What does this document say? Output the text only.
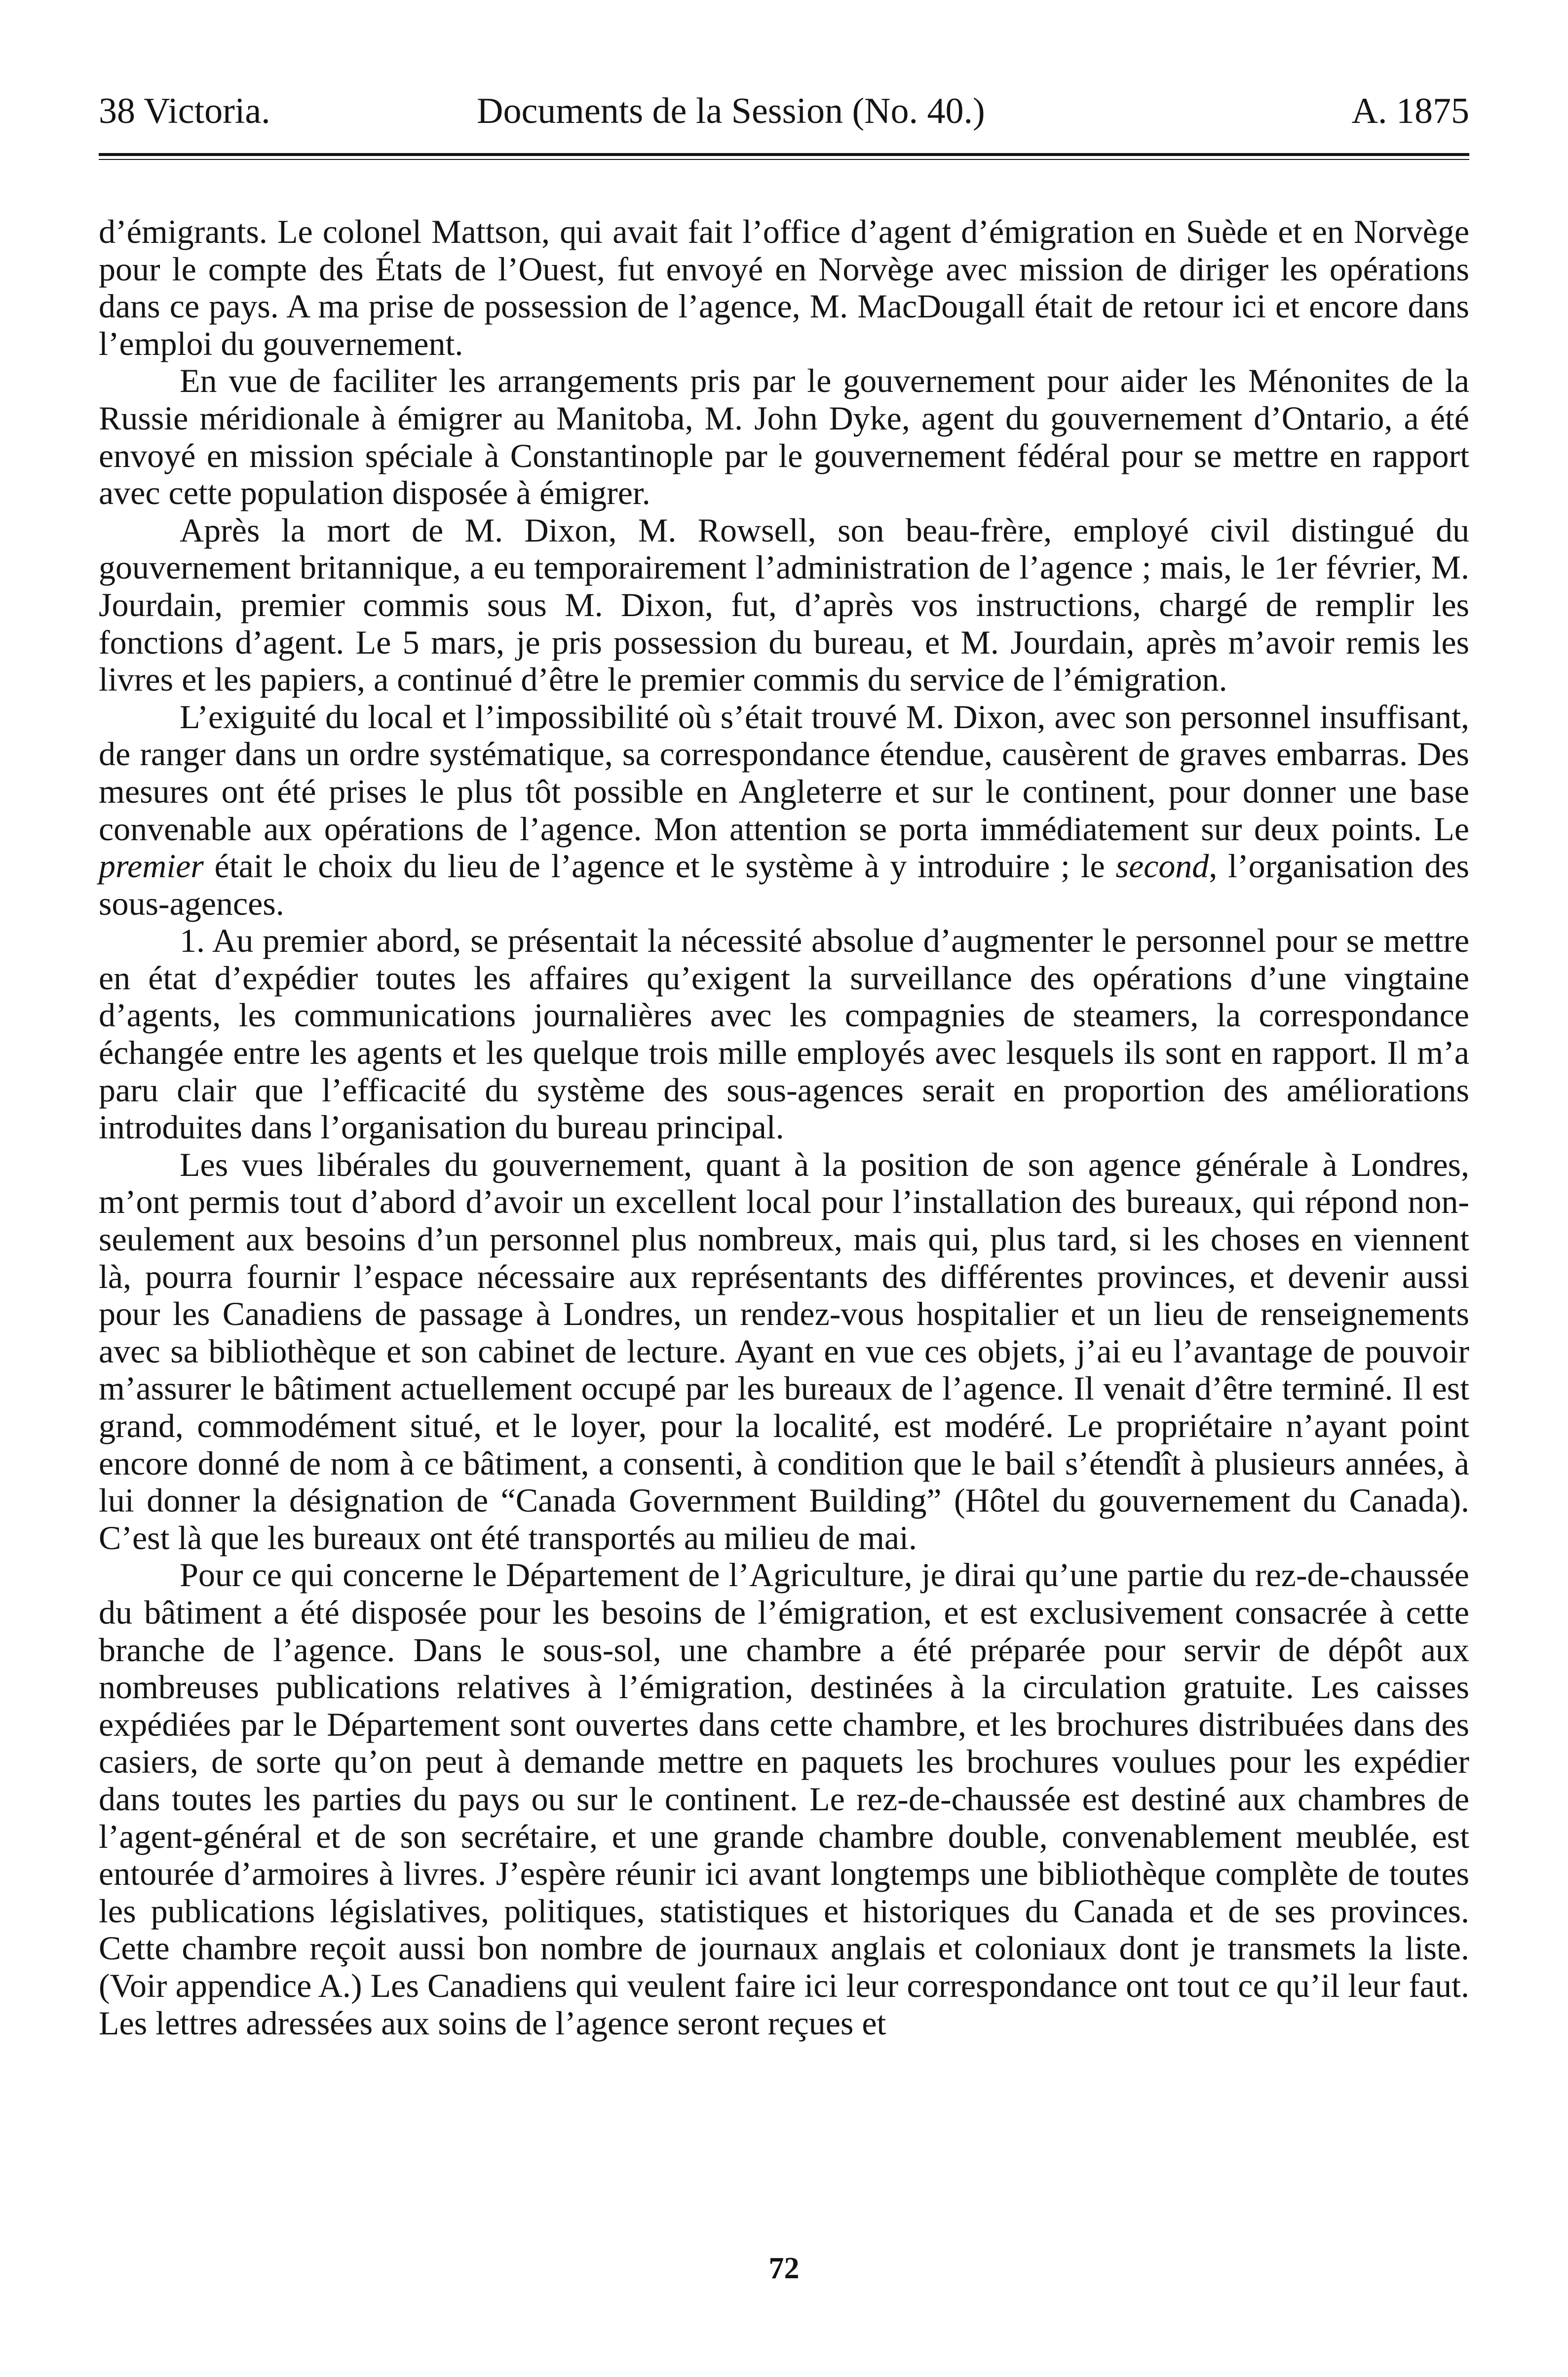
38 Victoria.	Documents de la Session (No. 40.)	A. 1875

d’émigrants. Le colonel Mattson, qui avait fait l’office d’agent d’émigration en Suède et en Norvège pour le compte des États de l’Ouest, fut envoyé en Norvège avec mission de diriger les opérations dans ce pays. A ma prise de possession de l’agence, M. MacDougall était de retour ici et encore dans l’emploi du gouvernement.

En vue de faciliter les arrangements pris par le gouvernement pour aider les Ménonites de la Russie méridionale à émigrer au Manitoba, M. John Dyke, agent du gouvernement d’Ontario, a été envoyé en mission spéciale à Constantinople par le gouvernement fédéral pour se mettre en rapport avec cette population disposée à émigrer.

Après la mort de M. Dixon, M. Rowsell, son beau-frère, employé civil distingué du gouvernement britannique, a eu temporairement l’administration de l’agence ; mais, le 1er février, M. Jourdain, premier commis sous M. Dixon, fut, d’après vos instructions, chargé de remplir les fonctions d’agent. Le 5 mars, je pris possession du bureau, et M. Jourdain, après m’avoir remis les livres et les papiers, a continué d’être le premier commis du service de l’émigration.

L’exiguité du local et l’impossibilité où s’était trouvé M. Dixon, avec son personnel insuffisant, de ranger dans un ordre systématique, sa correspondance étendue, causèrent de graves embarras. Des mesures ont été prises le plus tôt possible en Angleterre et sur le continent, pour donner une base convenable aux opérations de l’agence. Mon attention se porta immédiatement sur deux points. Le premier était le choix du lieu de l’agence et le système à y introduire ; le second, l’organisation des sous-agences.

1. Au premier abord, se présentait la nécessité absolue d’augmenter le personnel pour se mettre en état d’expédier toutes les affaires qu’exigent la surveillance des opérations d’une vingtaine d’agents, les communications journalières avec les compagnies de steamers, la correspondance échangée entre les agents et les quelque trois mille employés avec lesquels ils sont en rapport. Il m’a paru clair que l’efficacité du système des sous-agences serait en proportion des améliorations introduites dans l’organisation du bureau principal.

Les vues libérales du gouvernement, quant à la position de son agence générale à Londres, m’ont permis tout d’abord d’avoir un excellent local pour l’installation des bureaux, qui répond non-seulement aux besoins d’un personnel plus nombreux, mais qui, plus tard, si les choses en viennent là, pourra fournir l’espace nécessaire aux représentants des différentes provinces, et devenir aussi pour les Canadiens de passage à Londres, un rendez-vous hospitalier et un lieu de renseignements avec sa bibliothèque et son cabinet de lecture. Ayant en vue ces objets, j’ai eu l’avantage de pouvoir m’assurer le bâtiment actuellement occupé par les bureaux de l’agence. Il venait d’être terminé. Il est grand, commodément situé, et le loyer, pour la localité, est modéré. Le propriétaire n’ayant point encore donné de nom à ce bâtiment, a consenti, à condition que le bail s’étendît à plusieurs années, à lui donner la désignation de “Canada Government Building” (Hôtel du gouvernement du Canada). C’est là que les bureaux ont été transportés au milieu de mai.

Pour ce qui concerne le Département de l’Agriculture, je dirai qu’une partie du rez-de-chaussée du bâtiment a été disposée pour les besoins de l’émigration, et est exclusivement consacrée à cette branche de l’agence. Dans le sous-sol, une chambre a été préparée pour servir de dépôt aux nombreuses publications relatives à l’émigration, destinées à la circulation gratuite. Les caisses expédiées par le Département sont ouvertes dans cette chambre, et les brochures distribuées dans des casiers, de sorte qu’on peut à demande mettre en paquets les brochures voulues pour les expédier dans toutes les parties du pays ou sur le continent. Le rez-de-chaussée est destiné aux chambres de l’agent-général et de son secrétaire, et une grande chambre double, convenablement meublée, est entourée d’armoires à livres. J’espère réunir ici avant longtemps une bibliothèque complète de toutes les publications législatives, politiques, statistiques et historiques du Canada et de ses provinces. Cette chambre reçoit aussi bon nombre de journaux anglais et coloniaux dont je transmets la liste. (Voir appendice A.) Les Canadiens qui veulent faire ici leur correspondance ont tout ce qu’il leur faut. Les lettres adressées aux soins de l’agence seront reçues et

72
